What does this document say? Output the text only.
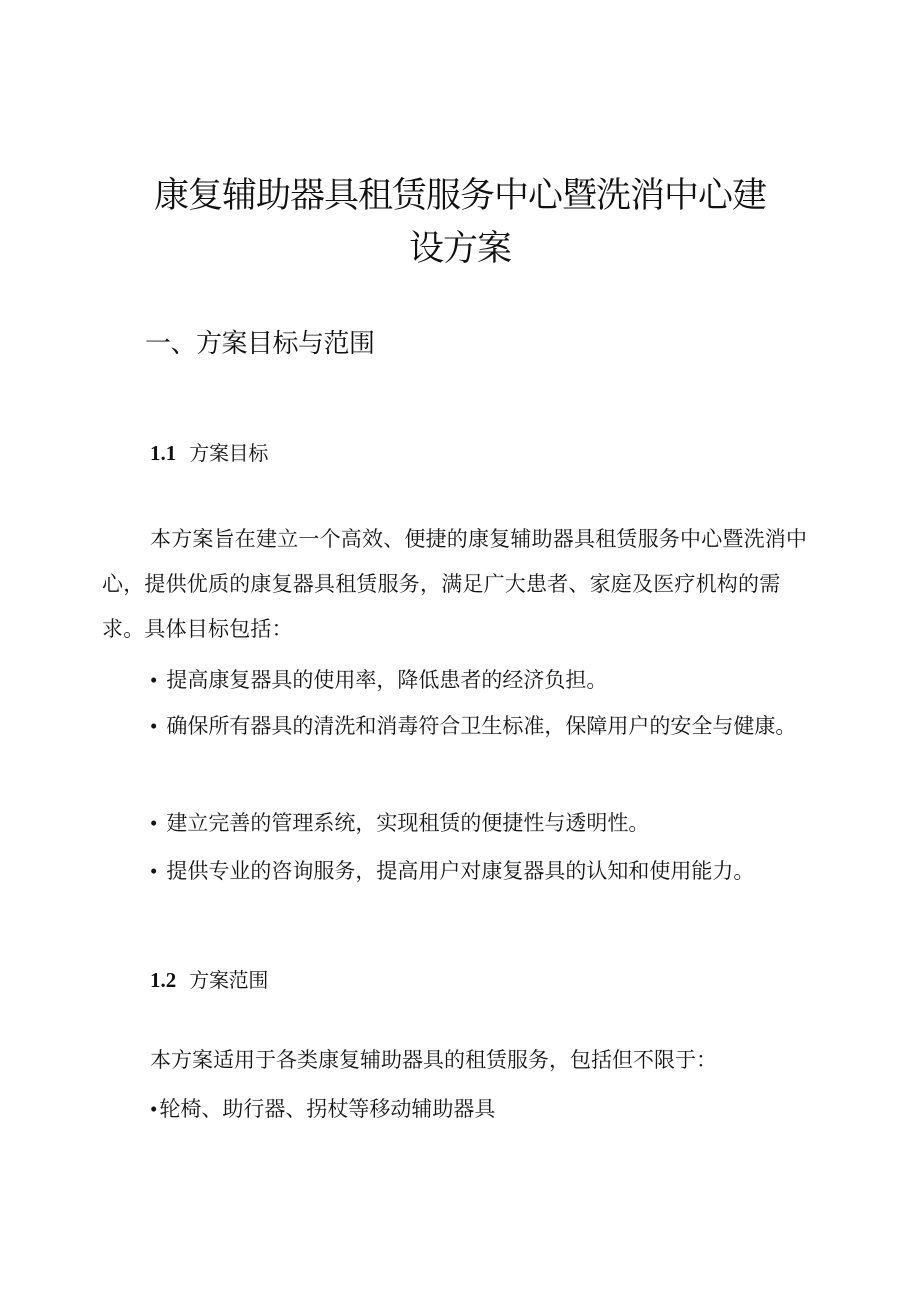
康复辅助器具租赁服务中心暨洗消中心建
设方案
一、方案目标与范围
1.1 方案目标
本方案旨在建立一个高效、便捷的康复辅助器具租赁服务中心暨洗消中心，提供优质的康复器具租赁服务，满足广大患者、家庭及医疗机构的需求。具体目标包括：
• 提高康复器具的使用率，降低患者的经济负担。
• 确保所有器具的清洗和消毒符合卫生标准，保障用户的安全与健康。
• 建立完善的管理系统，实现租赁的便捷性与透明性。
• 提供专业的咨询服务，提高用户对康复器具的认知和使用能力。
1.2 方案范围
本方案适用于各类康复辅助器具的租赁服务，包括但不限于：
•轮椅、助行器、拐杖等移动辅助器具
